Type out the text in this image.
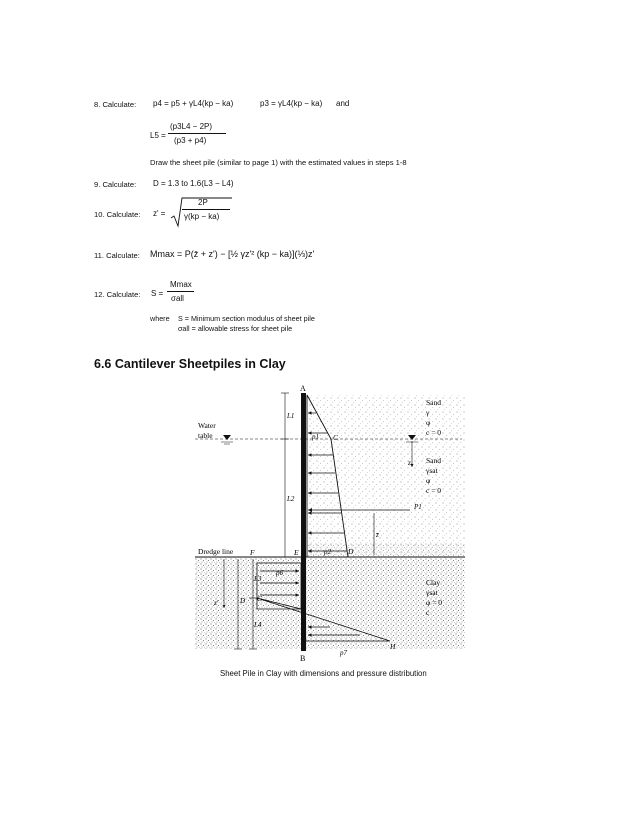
8. Calculate: p4 = p5 + γL4(kp − ka)	p3 = γL4(kp − ka) and
L5 =
(p3L4 − 2P)
(p3 + p4)
Draw the sheet pile (similar to page 1) with the estimated values in steps 1-8
9. Calculate: D = 1.3 to 1.6(L3 − L4)
10. Calculate: z' =
2P
γ(kp − ka)
11. Calculate: Mmax = P(z̄ + z') − [½ γz'² (kp − ka)](⅓)z'
12. Calculate: S =
Mmax
σall
where S = Minimum section modulus of sheet pile
σall = allowable stress for sheet pile
6.6 Cantilever Sheetpiles in Clay
A
B
C
D
E
F
G
H
Water
table
Dredge line
L1
L2
L3
L4
D
p1
p2
p6
p7
P1
z̄
z'
z
Sand
γ
φ
c = 0
Sand
γsat
φ
c = 0
Clay
γsat
φ = 0
c
Sheet Pile in Clay with dimensions and pressure distribution
